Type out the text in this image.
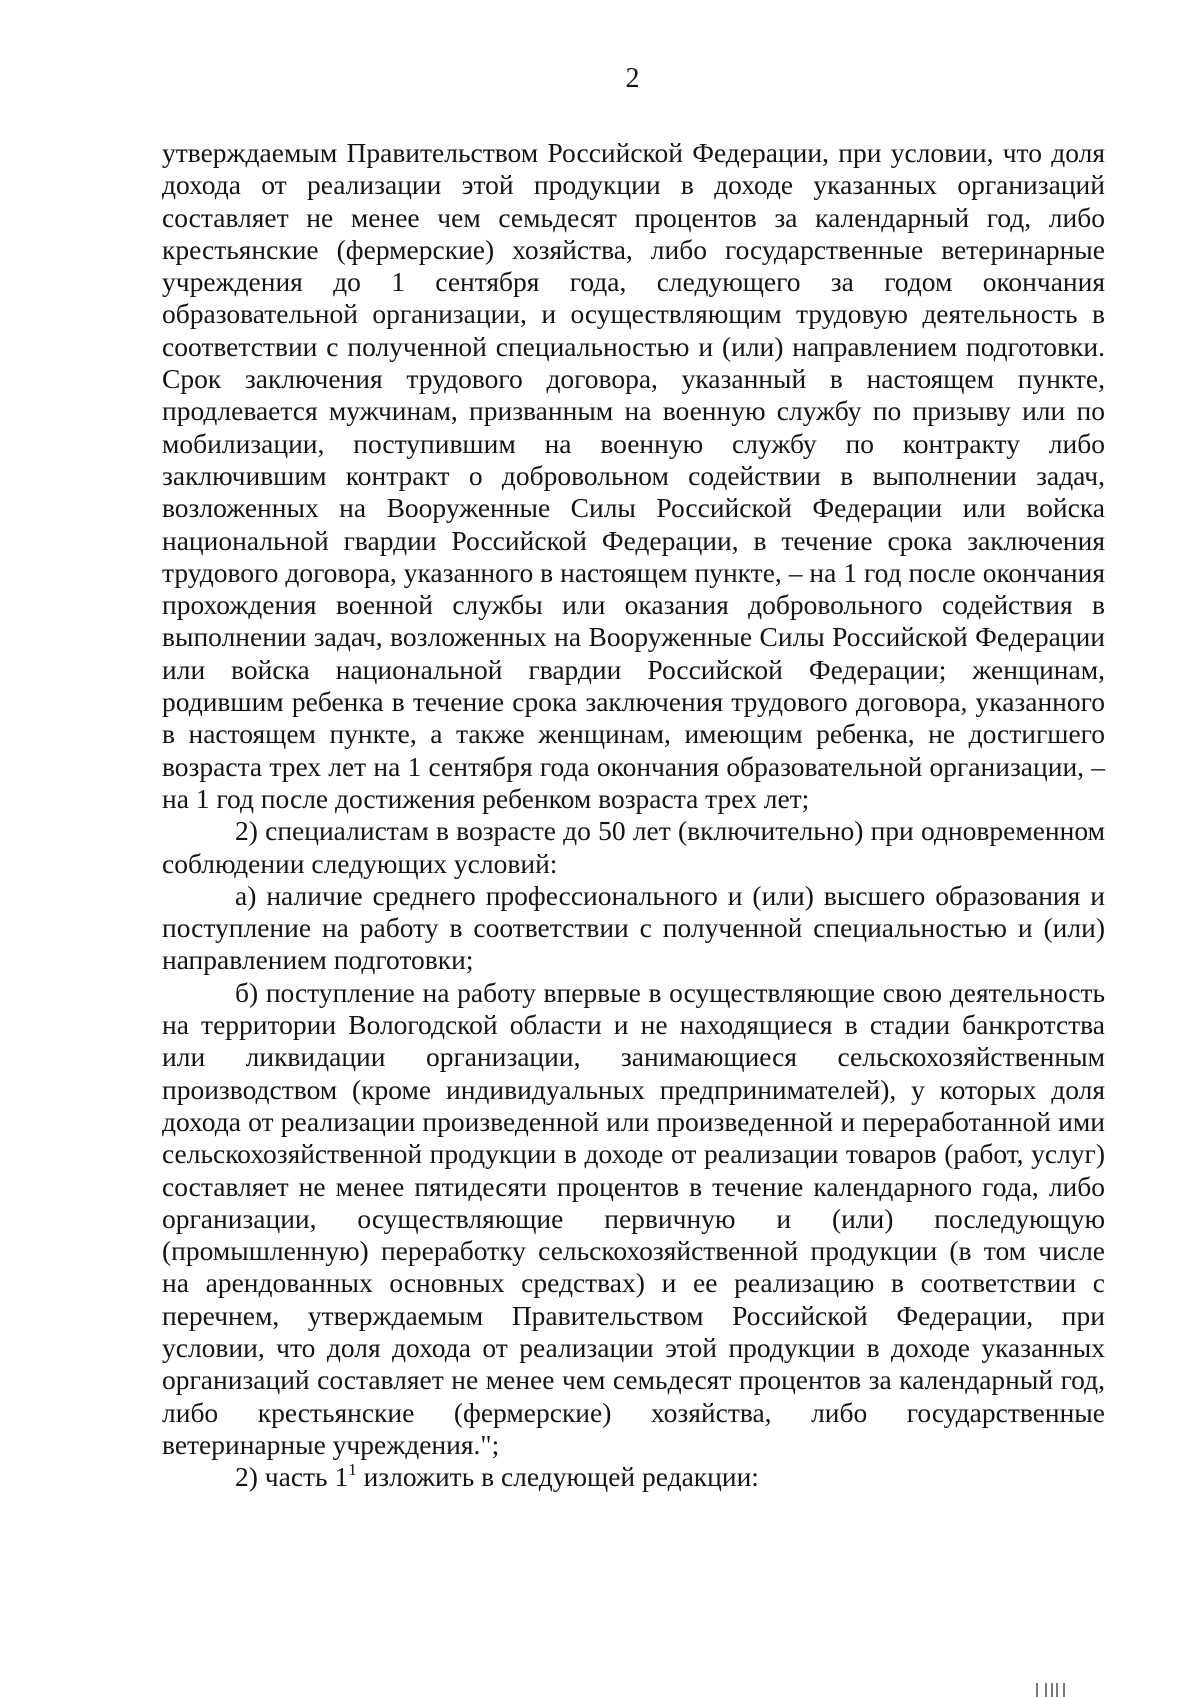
2

утверждаемым Правительством Российской Федерации, при условии, что доля дохода от реализации этой продукции в доходе указанных организаций составляет не менее чем семьдесят процентов за календарный год, либо крестьянские (фермерские) хозяйства, либо государственные ветеринарные учреждения до 1 сентября года, следующего за годом окончания образовательной организации, и осуществляющим трудовую деятельность в соответствии с полученной специальностью и (или) направлением подготовки. Срок заключения трудового договора, указанный в настоящем пункте, продлевается мужчинам, призванным на военную службу по призыву или по мобилизации, поступившим на военную службу по контракту либо заключившим контракт о добровольном содействии в выполнении задач, возложенных на Вооруженные Силы Российской Федерации или войска национальной гвардии Российской Федерации, в течение срока заключения трудового договора, указанного в настоящем пункте, – на 1 год после окончания прохождения военной службы или оказания добровольного содействия в выполнении задач, возложенных на Вооруженные Силы Российской Федерации или войска национальной гвардии Российской Федерации; женщинам, родившим ребенка в течение срока заключения трудового договора, указанного в настоящем пункте, а также женщинам, имеющим ребенка, не достигшего возраста трех лет на 1 сентября года окончания образовательной организации, – на 1 год после достижения ребенком возраста трех лет;

2) специалистам в возрасте до 50 лет (включительно) при одновременном соблюдении следующих условий:

а) наличие среднего профессионального и (или) высшего образования и поступление на работу в соответствии с полученной специальностью и (или) направлением подготовки;

б) поступление на работу впервые в осуществляющие свою деятельность на территории Вологодской области и не находящиеся в стадии банкротства или ликвидации организации, занимающиеся сельскохозяйственным производством (кроме индивидуальных предпринимателей), у которых доля дохода от реализации произведенной или произведенной и переработанной ими сельскохозяйственной продукции в доходе от реализации товаров (работ, услуг) составляет не менее пятидесяти процентов в течение календарного года, либо организации, осуществляющие первичную и (или) последующую (промышленную) переработку сельскохозяйственной продукции (в том числе на арендованных основных средствах) и ее реализацию в соответствии с перечнем, утверждаемым Правительством Российской Федерации, при условии, что доля дохода от реализации этой продукции в доходе указанных организаций составляет не менее чем семьдесят процентов за календарный год, либо крестьянские (фермерские) хозяйства, либо государственные ветеринарные учреждения.";

2) часть $1^1$ изложить в следующей редакции:
